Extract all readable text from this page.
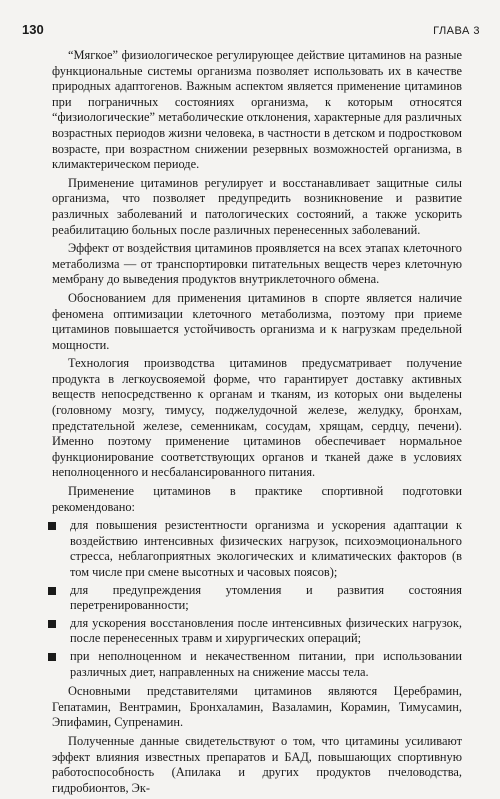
130	ГЛАВА 3

“Мягкое” физиологическое регулирующее действие цитаминов на разные функциональные системы организма позволяет использовать их в качестве природных адаптогенов. Важным аспектом является применение цитаминов при пограничных состояниях организма, к которым относятся “физиологические” метаболические отклонения, характерные для различных возрастных периодов жизни человека, в частности в детском и подростковом возрасте, при возрастном снижении резервных возможностей организма, в климактерическом периоде.

Применение цитаминов регулирует и восстанавливает защитные силы организма, что позволяет предупредить возникновение и развитие различных заболеваний и патологических состояний, а также ускорить реабилитацию больных после различных перенесенных заболеваний.

Эффект от воздействия цитаминов проявляется на всех этапах клеточного метаболизма — от транспортировки питательных веществ через клеточную мембрану до выведения продуктов внутриклеточного обмена.

Обоснованием для применения цитаминов в спорте является наличие феномена оптимизации клеточного метаболизма, поэтому при приеме цитаминов повышается устойчивость организма и к нагрузкам предельной мощности.

Технология производства цитаминов предусматривает получение продукта в легкоусвояемой форме, что гарантирует доставку активных веществ непосредственно к органам и тканям, из которых они выделены (головному мозгу, тимусу, поджелудочной железе, желудку, бронхам, предстательной железе, семенникам, сосудам, хрящам, сердцу, печени). Именно поэтому применение цитаминов обеспечивает нормальное функционирование соответствующих органов и тканей даже в условиях неполноценного и несбалансированного питания.

Применение цитаминов в практике спортивной подготовки рекомендовано:

для повышения резистентности организма и ускорения адаптации к воздействию интенсивных физических нагрузок, психоэмоционального стресса, неблагоприятных экологических и климатических факторов (в том числе при смене высотных и часовых поясов);
для предупреждения утомления и развития состояния перетренированности;
для ускорения восстановления после интенсивных физических нагрузок, после перенесенных травм и хирургических операций;
при неполноценном и некачественном питании, при использовании различных диет, направленных на снижение массы тела.

Основными представителями цитаминов являются Церебрамин, Гепатамин, Вентрамин, Бронхаламин, Вазаламин, Корамин, Тимусамин, Эпифамин, Супренамин.

Полученные данные свидетельствуют о том, что цитамины усиливают эффект влияния известных препаратов и БАД, повышающих спортивную работоспособность (Апилака и других продуктов пчеловодства, гидробионтов, Эк-
